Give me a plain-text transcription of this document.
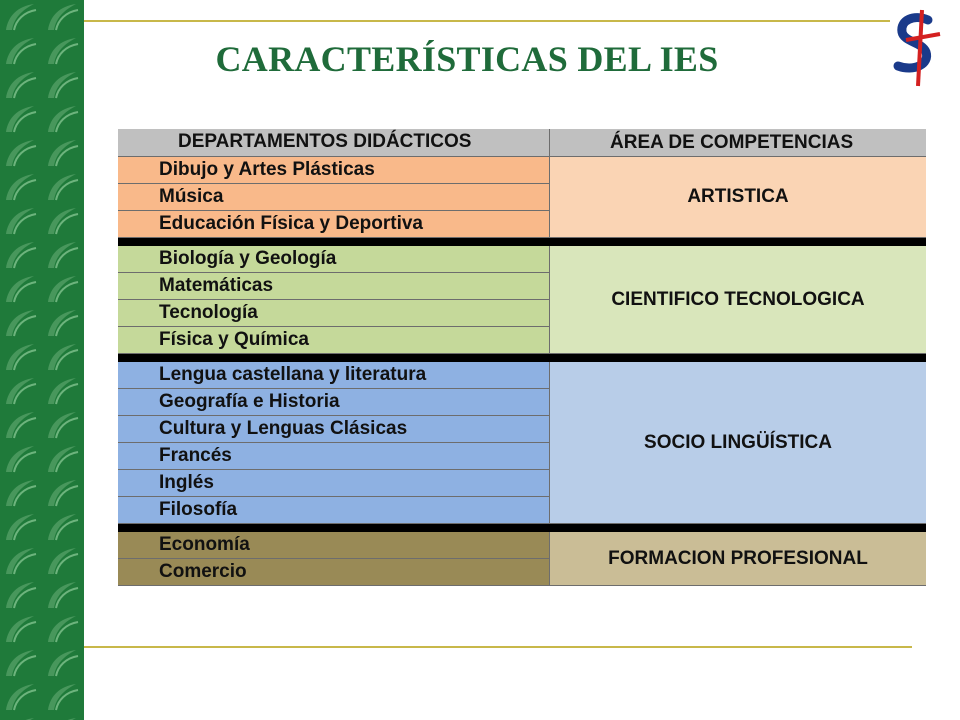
CARACTERÍSTICAS DEL IES
DEPARTAMENTOS DIDÁCTICOS	ÁREA DE COMPETENCIAS
Dibujo y Artes Plásticas
Música
Educación Física y Deportiva
ARTISTICA
Biología y Geología
Matemáticas
Tecnología
Física y Química
CIENTIFICO TECNOLOGICA
Lengua castellana y literatura
Geografía e Historia
Cultura y Lenguas Clásicas
Francés
Inglés
Filosofía
SOCIO LINGÜÍSTICA
Economía
Comercio
FORMACION PROFESIONAL
